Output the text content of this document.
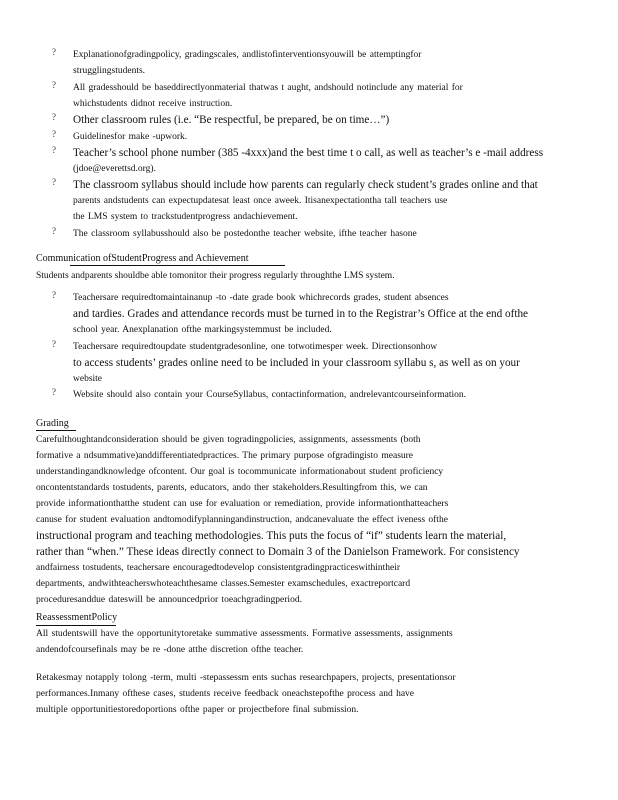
? Explanationofgradingpolicy, gradingscales, andlistofinterventionsyouwill be attemptingfor
strugglingstudents.
? All gradesshould be baseddirectlyonmaterial thatwas t aught, andshould notinclude any material for
whichstudents didnot receive instruction.
? Other classroom rules (i.e. “Be respectful, be prepared, be on time…”)
? Guidelinesfor make -upwork.
? Teacher’s school phone number (385 -4xxx)and the best time t o call, as well as teacher’s e -mail address
(jdoe@everettsd.org).
? The classroom syllabus should include how parents can regularly check student’s grades online and that
parents andstudents can expectupdatesat least once aweek. Itisanexpectationtha tall teachers use
the LMS system to trackstudentprogress andachievement.
? The classroom syllabusshould also be postedonthe teacher website, ifthe teacher hasone
Communication ofStudentProgress and Achievement
Students andparents shouldbe able tomonitor their progress regularly throughthe LMS system.
? Teachersare requiredtomaintainanup -to -date grade book whichrecords grades, student absences
and tardies. Grades and attendance records must be turned in to the Registrar’s Office at the end ofthe
school year. Anexplanation ofthe markingsystemmust be included.
? Teachersare requiredtoupdate studentgradesonline, one totwotimesper week. Directionsonhow
to access students’ grades online need to be included in your classroom syllabu s, as well as on your
website
? Website should also contain your CourseSyllabus, contactinformation, andrelevantcourseinformation.
Grading
Carefulthoughtandconsideration should be given togradingpolicies, assignments, assessments (both
formative a ndsummative)anddifferentiatedpractices. The primary purpose ofgradingisto measure
understandingandknowledge ofcontent. Our goal is tocommunicate informationabout student proficiency
oncontentstandards tostudents, parents, educators, ando ther stakeholders.Resultingfrom this, we can
provide informationthatthe student can use for evaluation or remediation, provide informationthatteachers
canuse for student evaluation andtomodifyplanningandinstruction, andcanevaluate the effect iveness ofthe
instructional program and teaching methodologies. This puts the focus of “if” students learn the material,
rather than “when.” These ideas directly connect to Domain 3 of the Danielson Framework. For consistency
andfairness tostudents, teachersare encouragedtodevelop consistentgradingpracticeswithintheir
departments, andwithteacherswhoteachthesame classes.Semester examschedules, exactreportcard
proceduresanddue dateswill be announcedprior toeachgradingperiod.
ReassessmentPolicy
All studentswill have the opportunitytoretake summative assessments. Formative assessments, assignments
andendofcoursefinals may be re -done atthe discretion ofthe teacher.
Retakesmay notapply tolong -term, multi -stepassessm ents suchas researchpapers, projects, presentationsor
performances.Inmany ofthese cases, students receive feedback oneachstepofthe process and have
multiple opportunitiestoredoportions ofthe paper or projectbefore final submission.
